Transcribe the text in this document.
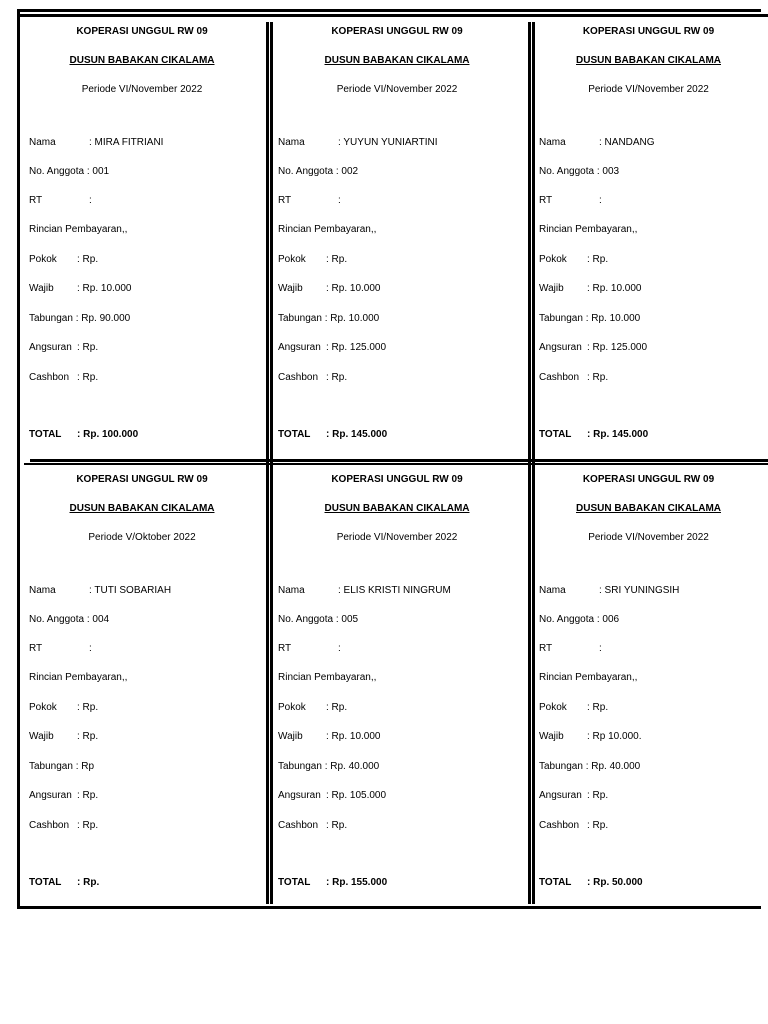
KOPERASI UNGGUL RW 09
DUSUN BABAKAN CIKALAMA
Periode VI/November 2022
Nama	: MIRA FITRIANI
No. Anggota : 001
RT	:
Rincian Pembayaran,,
Pokok : Rp.
Wajib : Rp. 10.000
Tabungan : Rp. 90.000
Angsuran : Rp.
Cashbon : Rp.
TOTAL : Rp. 100.000
KOPERASI UNGGUL RW 09
DUSUN BABAKAN CIKALAMA
Periode VI/November 2022
Nama	: YUYUN YUNIARTINI
No. Anggota : 002
RT	:
Rincian Pembayaran,,
Pokok : Rp.
Wajib : Rp. 10.000
Tabungan : Rp. 10.000
Angsuran : Rp. 125.000
Cashbon : Rp.
TOTAL : Rp. 145.000
KOPERASI UNGGUL RW 09
DUSUN BABAKAN CIKALAMA
Periode VI/November 2022
Nama	: NANDANG
No. Anggota : 003
RT	:
Rincian Pembayaran,,
Pokok : Rp.
Wajib : Rp. 10.000
Tabungan : Rp. 10.000
Angsuran : Rp. 125.000
Cashbon : Rp.
TOTAL : Rp. 145.000
KOPERASI UNGGUL RW 09
DUSUN BABAKAN CIKALAMA
Periode V/Oktober 2022
Nama	: TUTI SOBARIAH
No. Anggota : 004
RT	:
Rincian Pembayaran,,
Pokok : Rp.
Wajib : Rp.
Tabungan : Rp
Angsuran : Rp.
Cashbon : Rp.
TOTAL : Rp.
KOPERASI UNGGUL RW 09
DUSUN BABAKAN CIKALAMA
Periode VI/November 2022
Nama	: ELIS KRISTI NINGRUM
No. Anggota : 005
RT	:
Rincian Pembayaran,,
Pokok : Rp.
Wajib : Rp. 10.000
Tabungan : Rp. 40.000
Angsuran : Rp. 105.000
Cashbon : Rp.
TOTAL : Rp. 155.000
KOPERASI UNGGUL RW 09
DUSUN BABAKAN CIKALAMA
Periode VI/November 2022
Nama	: SRI YUNINGSIH
No. Anggota : 006
RT	:
Rincian Pembayaran,,
Pokok : Rp.
Wajib : Rp 10.000.
Tabungan : Rp. 40.000
Angsuran : Rp.
Cashbon : Rp.
TOTAL : Rp. 50.000
